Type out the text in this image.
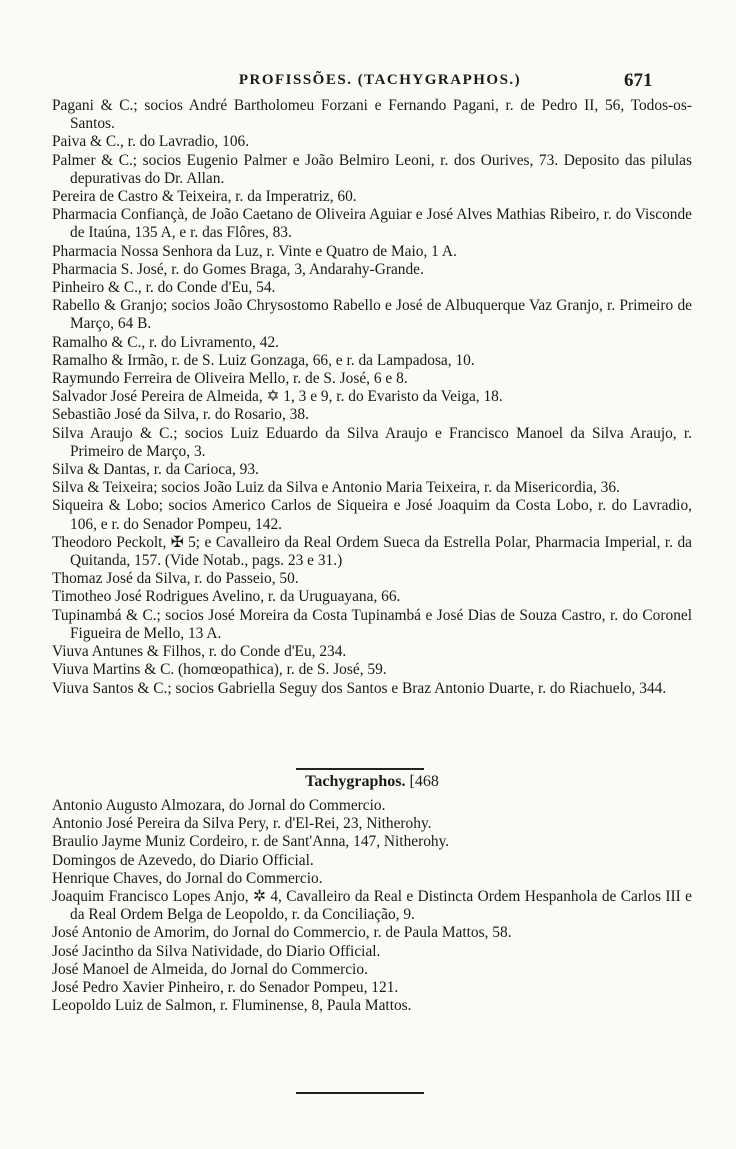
PROFISSÕES. (TACHYGRAPHOS.)	671

Pagani & C.; socios André Bartholomeu Forzani e Fernando Pagani, r. de Pedro II, 56, Todos-os-Santos.

Paiva & C., r. do Lavradio, 106.

Palmer & C.; socios Eugenio Palmer e João Belmiro Leoni, r. dos Ourives, 73. Deposito das pilulas depurativas do Dr. Allan.

Pereira de Castro & Teixeira, r. da Imperatriz, 60.

Pharmacia Confiançà, de João Caetano de Oliveira Aguiar e José Alves Mathias Ribeiro, r. do Visconde de Itaúna, 135 A, e r. das Flôres, 83.

Pharmacia Nossa Senhora da Luz, r. Vinte e Quatro de Maio, 1 A.

Pharmacia S. José, r. do Gomes Braga, 3, Andarahy-Grande.

Pinheiro & C., r. do Conde d'Eu, 54.

Rabello & Granjo; socios João Chrysostomo Rabello e José de Albuquerque Vaz Granjo, r. Primeiro de Março, 64 B.

Ramalho & C., r. do Livramento, 42.

Ramalho & Irmão, r. de S. Luiz Gonzaga, 66, e r. da Lampadosa, 10.

Raymundo Ferreira de Oliveira Mello, r. de S. José, 6 e 8.

Salvador José Pereira de Almeida, ✡ 1, 3 e 9, r. do Evaristo da Veiga, 18.

Sebastião José da Silva, r. do Rosario, 38.

Silva Araujo & C.; socios Luiz Eduardo da Silva Araujo e Francisco Manoel da Silva Araujo, r. Primeiro de Março, 3.

Silva & Dantas, r. da Carioca, 93.

Silva & Teixeira; socios João Luiz da Silva e Antonio Maria Teixeira, r. da Misericordia, 36.

Siqueira & Lobo; socios Americo Carlos de Siqueira e José Joaquim da Costa Lobo, r. do Lavradio, 106, e r. do Senador Pompeu, 142.

Theodoro Peckolt, ✠ 5; e Cavalleiro da Real Ordem Sueca da Estrella Polar, Pharmacia Imperial, r. da Quitanda, 157. (Vide Notab., pags. 23 e 31.)

Thomaz José da Silva, r. do Passeio, 50.

Timotheo José Rodrigues Avelino, r. da Uruguayana, 66.

Tupinambá & C.; socios José Moreira da Costa Tupinambá e José Dias de Souza Castro, r. do Coronel Figueira de Mello, 13 A.

Viuva Antunes & Filhos, r. do Conde d'Eu, 234.

Viuva Martins & C. (homœopathica), r. de S. José, 59.

Viuva Santos & C.; socios Gabriella Seguy dos Santos e Braz Antonio Duarte, r. do Riachuelo, 344.

Tachygraphos. [468

Antonio Augusto Almozara, do Jornal do Commercio.

Antonio José Pereira da Silva Pery, r. d'El-Rei, 23, Nitherohy.

Braulio Jayme Muniz Cordeiro, r. de Sant'Anna, 147, Nitherohy.

Domingos de Azevedo, do Diario Official.

Henrique Chaves, do Jornal do Commercio.

Joaquim Francisco Lopes Anjo, ✲ 4, Cavalleiro da Real e Distincta Ordem Hespanhola de Carlos III e da Real Ordem Belga de Leopoldo, r. da Conciliação, 9.

José Antonio de Amorim, do Jornal do Commercio, r. de Paula Mattos, 58.

José Jacintho da Silva Natividade, do Diario Official.

José Manoel de Almeida, do Jornal do Commercio.

José Pedro Xavier Pinheiro, r. do Senador Pompeu, 121.

Leopoldo Luiz de Salmon, r. Fluminense, 8, Paula Mattos.
